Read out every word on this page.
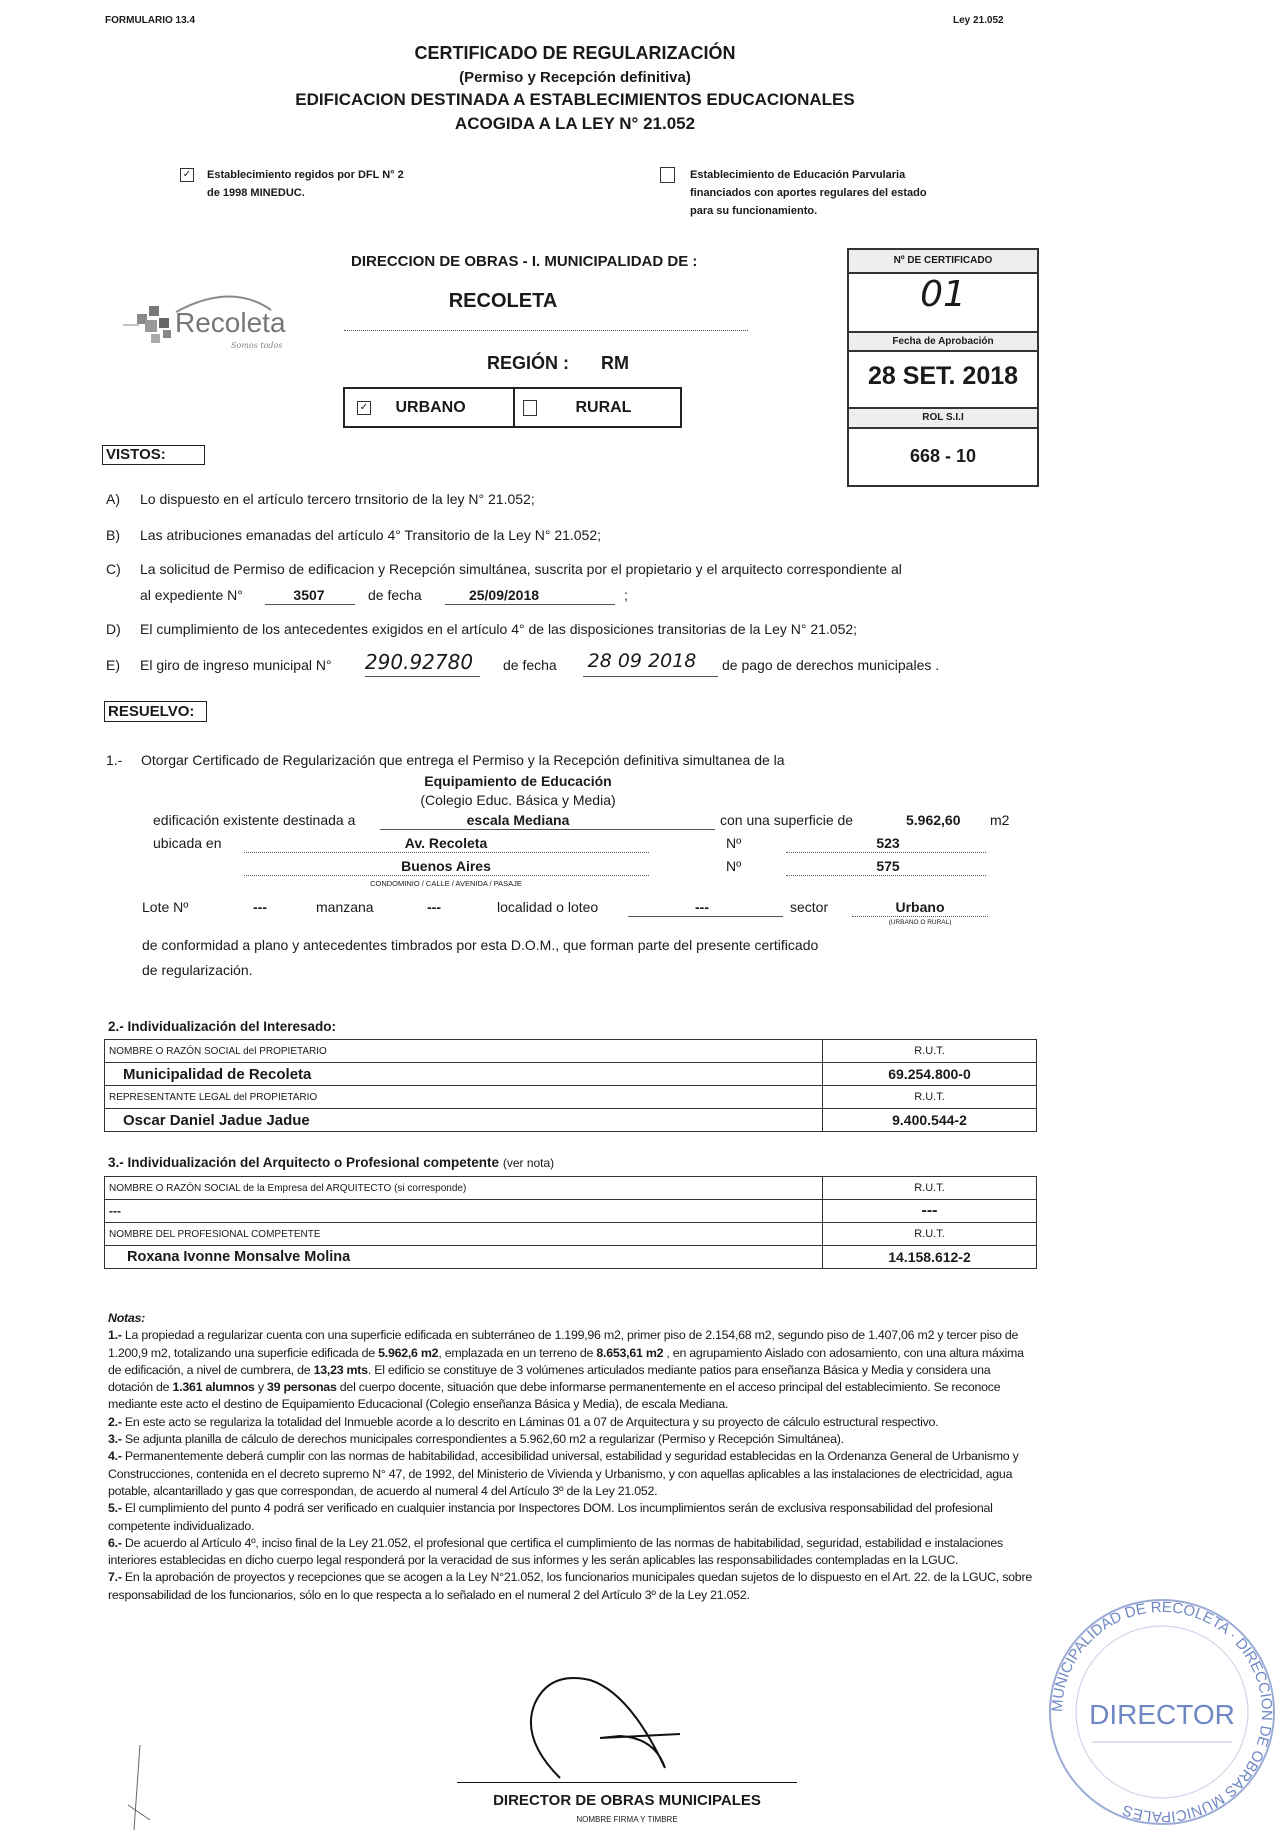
FORMULARIO 13.4	Ley 21.052
CERTIFICADO DE REGULARIZACIÓN
(Permiso y Recepción definitiva)
EDIFICACION DESTINADA A ESTABLECIMIENTOS EDUCACIONALES
ACOGIDA A LA LEY N° 21.052
✓ Establecimiento regidos por DFL N° 2
de 1998 MINEDUC.
Establecimiento de Educación Parvularia
financiados con aportes regulares del estado
para su funcionamiento.
Recoleta
Somos todos
DIRECCION DE OBRAS - I. MUNICIPALIDAD DE :
RECOLETA
REGIÓN : RM
✓ URBANO	RURAL
Nº DE CERTIFICADO
01
Fecha de Aprobación
28 SET. 2018
ROL S.I.I
668 - 10
VISTOS:
A) Lo dispuesto en el artículo tercero trnsitorio de la ley N° 21.052;
B) Las atribuciones emanadas del artículo 4° Transitorio de la Ley N° 21.052;
C) La solicitud de Permiso de edificacion y Recepción simultánea, suscrita por el propietario y el arquitecto correspondiente al
al expediente N°	3507	de fecha	25/09/2018	;
D) El cumplimiento de los antecedentes exigidos en el artículo 4° de las disposiciones transitorias de la Ley N° 21.052;
E) El giro de ingreso municipal N° 290.92780 de fecha 28 09 2018 de pago de derechos municipales .
RESUELVO:
1.- Otorgar Certificado de Regularización que entrega el Permiso y la Recepción definitiva simultanea de la
Equipamiento de Educación
(Colegio Educ. Básica y Media)
edificación existente destinada a	escala Mediana	con una superficie de	5.962,60 m2
ubicada en	Av. Recoleta	Nº	523
Buenos Aires	Nº	575
CONDOMINIO / CALLE / AVENIDA / PASAJE
Lote Nº	---	manzana	---	localidad o loteo	---	sector	Urbano
(URBANO O RURAL)
de conformidad a plano y antecedentes timbrados por esta D.O.M., que forman parte del presente certificado
de regularización.
2.- Individualización del Interesado:
NOMBRE O RAZÓN SOCIAL del PROPIETARIO	R.U.T.
Municipalidad de Recoleta	69.254.800-0
REPRESENTANTE LEGAL del PROPIETARIO	R.U.T.
Oscar Daniel Jadue Jadue	9.400.544-2
3.- Individualización del Arquitecto o Profesional competente (ver nota)
NOMBRE O RAZÓN SOCIAL de la Empresa del ARQUITECTO (si corresponde)	R.U.T.
---	---
NOMBRE DEL PROFESIONAL COMPETENTE	R.U.T.
Roxana Ivonne Monsalve Molina	14.158.612-2

Notas:

1.- La propiedad a regularizar cuenta con una superficie edificada en subterráneo de 1.199,96 m2, primer piso de 2.154,68 m2, segundo piso de 1.407,06 m2 y tercer piso de 1.200,9 m2, totalizando una superficie edificada de 5.962,6 m2, emplazada en un terreno de 8.653,61 m2 , en agrupamiento Aislado con adosamiento, con una altura máxima de edificación, a nivel de cumbrera, de 13,23 mts. El edificio se constituye de 3 volúmenes articulados mediante patios para enseñanza Básica y Media y considera una dotación de 1.361 alumnos y 39 personas del cuerpo docente, situación que debe informarse permanentemente en el acceso principal del establecimiento. Se reconoce mediante este acto el destino de Equipamiento Educacional (Colegio enseñanza Básica y Media), de escala Mediana.

2.- En este acto se regulariza la totalidad del Inmueble acorde a lo descrito en Láminas 01 a 07 de Arquitectura y su proyecto de cálculo estructural respectivo.

3.- Se adjunta planilla de cálculo de derechos municipales correspondientes a 5.962,60 m2 a regularizar (Permiso y Recepción Simultánea).

4.- Permanentemente deberá cumplir con las normas de habitabilidad, accesibilidad universal, estabilidad y seguridad establecidas en la Ordenanza General de Urbanismo y Construcciones, contenida en el decreto supremo N° 47, de 1992, del Ministerio de Vivienda y Urbanismo, y con aquellas aplicables a las instalaciones de electricidad, agua potable, alcantarillado y gas que correspondan, de acuerdo al numeral 4 del Artículo 3º de la Ley 21.052.

5.- El cumplimiento del punto 4 podrá ser verificado en cualquier instancia por Inspectores DOM. Los incumplimientos serán de exclusiva responsabilidad del profesional competente individualizado.

6.- De acuerdo al Artículo 4º, inciso final de la Ley 21.052, el profesional que certifica el cumplimiento de las normas de habitabilidad, seguridad, estabilidad e instalaciones interiores establecidas en dicho cuerpo legal responderá por la veracidad de sus informes y les serán aplicables las responsabilidades contempladas en la LGUC.

7.- En la aprobación de proyectos y recepciones que se acogen a la Ley N°21.052, los funcionarios municipales quedan sujetos de lo dispuesto en el Art. 22. de la LGUC, sobre responsabilidad de los funcionarios, sólo en lo que respecta a lo señalado en el numeral 2 del Artículo 3º de la Ley 21.052.

MUNICIPALIDAD DE RECOLETA · DIRECCION DE OBRAS MUNICIPALES
DIRECTOR
DIRECTOR DE OBRAS MUNICIPALES
NOMBRE FIRMA Y TIMBRE
